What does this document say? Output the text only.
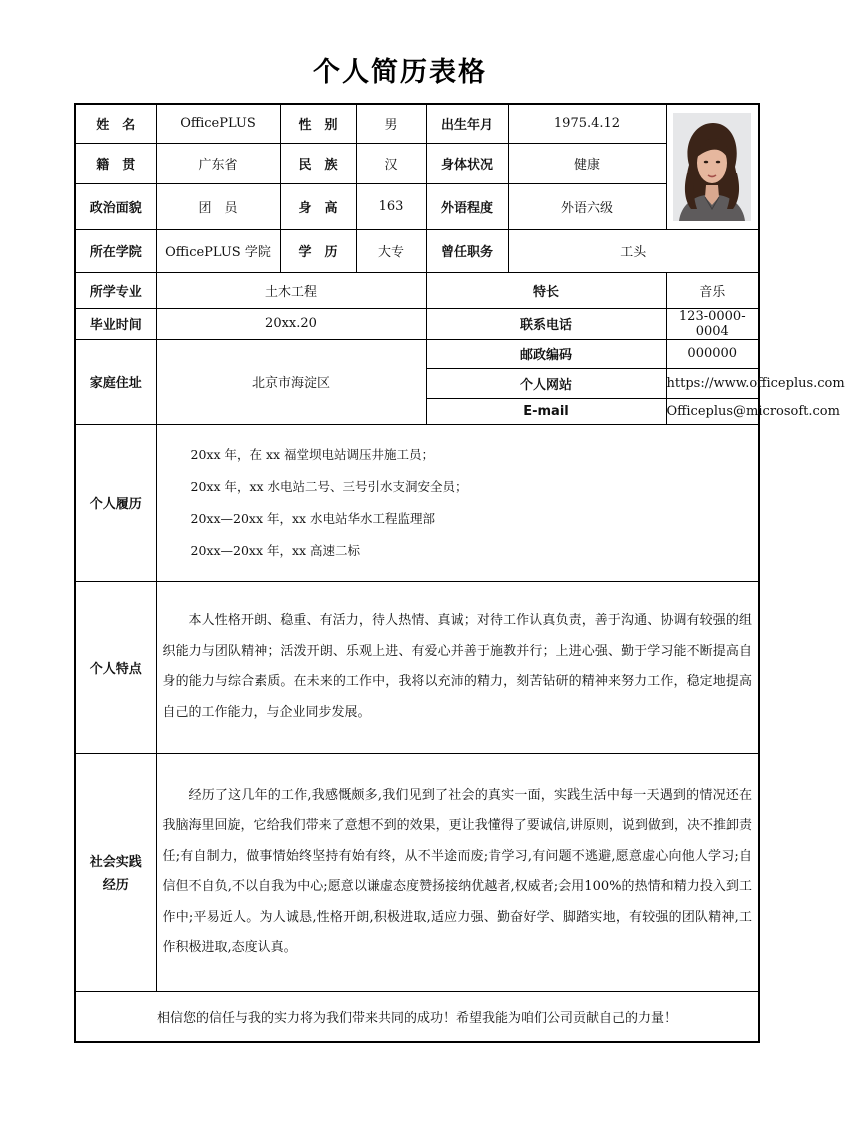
个人简历表格
姓　名	OfficePLUS	性　别	男	出生年月	1975.4.12	

籍　贯	广东省	民　族	汉	身体状况	健康	
政治面貌	团　员	身　高	163	外语程度	外语六级	
所在学院	OfficePLUS 学院	学　历	大专	曾任职务	工头	
所学专业	土木工程			特长		音乐
毕业时间	20xx.20			联系电话		123-0000-0004
家庭住址	北京市海淀区			邮政编码		000000
				个人网站		https://www.officeplus.com
				E-mail		Officeplus@microsoft.com
个人履历	20xx 年，在 xx 福堂坝电站调压井施工员；
20xx 年，xx 水电站二号、三号引水支洞安全员；
20xx—20xx 年，xx 水电站华水工程监理部
20xx—20xx 年，xx 高速二标					

个人特点	本人性格开朗、稳重、有活力，待人热情、真诚；对待工作认真负责，善于沟通、协调有较强的组织能力与团队精神；活泼开朗、乐观上进、有爱心并善于施教并行；上进心强、勤于学习能不断提高自身的能力与综合素质。在未来的工作中，我将以充沛的精力，刻苦钻研的精神来努力工作，稳定地提高自己的工作能力，与企业同步发展。					

社会实践
经历	经历了这几年的工作,我感慨颇多,我们见到了社会的真实一面，实践生活中每一天遇到的情况还在我脑海里回旋，它给我们带来了意想不到的效果，更让我懂得了要诚信,讲原则，说到做到，决不推卸责任;有自制力，做事情始终坚持有始有终，从不半途而废;肯学习,有问题不逃避,愿意虚心向他人学习;自信但不自负,不以自我为中心;愿意以谦虚态度赞扬接纳优越者,权威者;会用100%的热情和精力投入到工作中;平易近人。为人诚恳,性格开朗,积极进取,适应力强、勤奋好学、脚踏实地，有较强的团队精神,工作积极进取,态度认真。					

相信您的信任与我的实力将为我们带来共同的成功！希望我能为咱们公司贡献自己的力量！						
